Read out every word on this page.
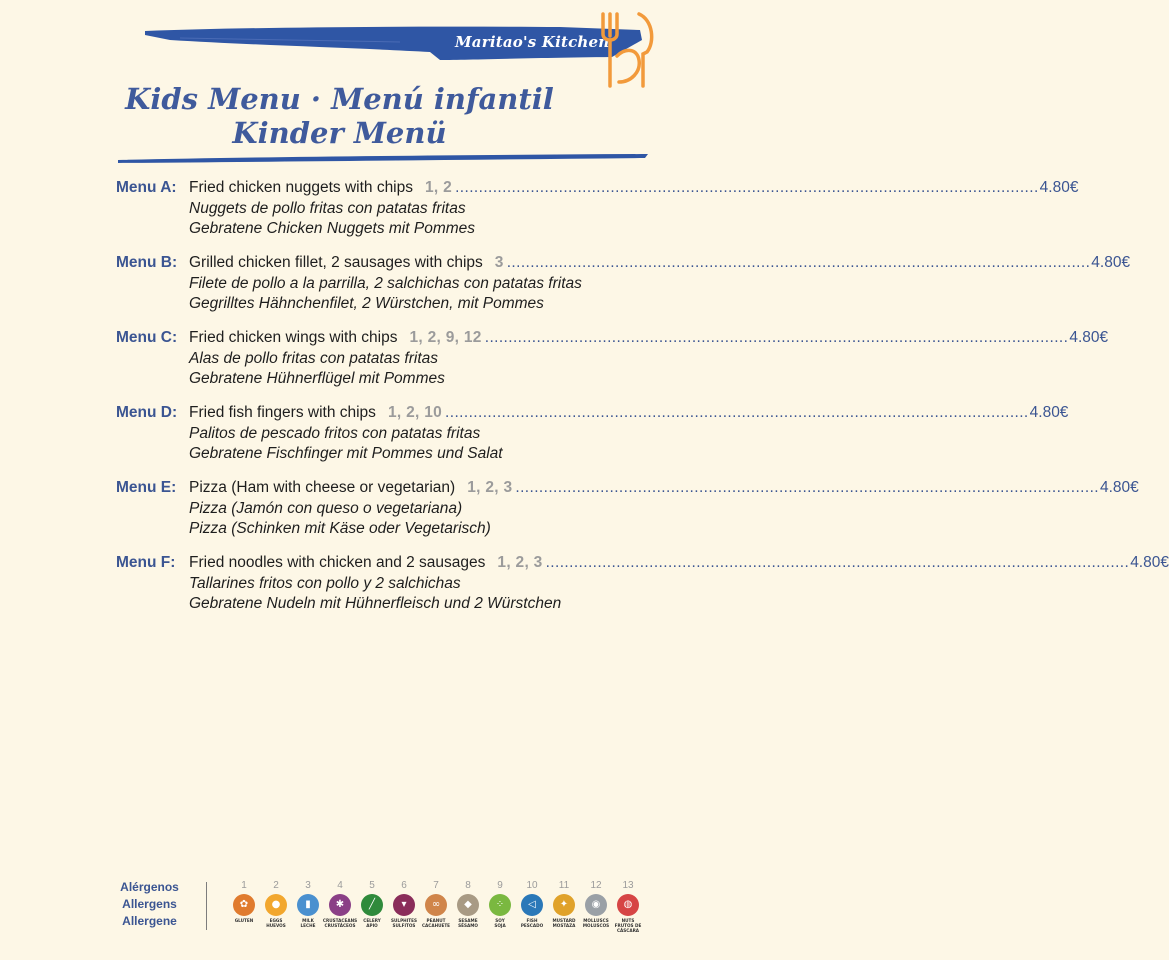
Maritao's Kitchen
Kids Menu · Menú infantil
Kinder Menü
Menu A: Fried chicken nuggets with chips 1, 2 ............................................................................................................................ 4.80€
Nuggets de pollo fritas con patatas fritas
Gebratene Chicken Nuggets mit Pommes
Menu B: Grilled chicken fillet, 2 sausages with chips 3 ............................................................................................................................ 4.80€
Filete de pollo a la parrilla, 2 salchichas con patatas fritas
Gegrilltes Hähnchenfilet, 2 Würstchen, mit Pommes
Menu C: Fried chicken wings with chips 1, 2, 9, 12 ............................................................................................................................ 4.80€
Alas de pollo fritas con patatas fritas
Gebratene Hühnerflügel mit Pommes
Menu D: Fried fish fingers with chips 1, 2, 10 ............................................................................................................................ 4.80€
Palitos de pescado fritos con patatas fritas
Gebratene Fischfinger mit Pommes und Salat
Menu E: Pizza (Ham with cheese or vegetarian) 1, 2, 3 ............................................................................................................................ 4.80€
Pizza (Jamón con queso o vegetariana)
Pizza (Schinken mit Käse oder Vegetarisch)
Menu F: Fried noodles with chicken and 2 sausages 1, 2, 3 ............................................................................................................................ 4.80€
Tallarines fritos con pollo y 2 salchichas
Gebratene Nudeln mit Hühnerfleisch und 2 Würstchen
Alérgenos
Allergens
Allergene
1
✿
GLUTEN
2
●
EGGS
HUEVOS
3
▮
MILK
LECHE
4
✱
CRUSTACEANS
CRUSTÁCEOS
5
╱
CELERY
APIO
6
▾
SULPHITES
SULFITOS
7
∞
PEANUT
CACAHUETE
8
◆
SESAME
SÉSAMO
9
⁘
SOY
SOJA
10
◁
FISH
PESCADO
11
✦
MUSTARD
MOSTAZA
12
◉
MOLLUSCS
MOLUSCOS
13
◍
NUTS
FRUTOS DE
CÁSCARA
